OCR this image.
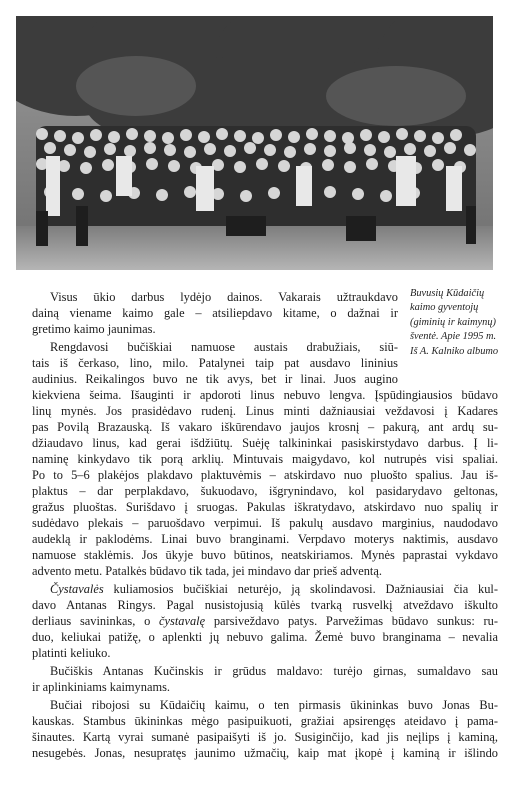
Buvusių Kūdaičių
kaimo gyventojų
(giminių ir kaimynų)
šventė. Apie 1995 m.
Iš A. Kalniko albumo
Visus ūkio darbus lydėjo dainos. Vakarais užtraukdavo
dainą viename kaimo gale – atsiliepdavo kitame, o dažnai ir
gretimo kaimo jaunimas.
Rengdavosi bučiškiai namuose austais drabužiais, siū-
tais iš čerkaso, lino, milo. Patalynei taip pat ausdavo lininius
audinius. Reikalingos buvo ne tik avys, bet ir linai. Juos augino
kiekviena šeima. Išauginti ir apdoroti linus nebuvo lengva. Įspūdingiausios būdavo
linų mynės. Jos prasidėdavo rudenį. Linus minti dažniausiai veždavosi į Kadares
pas Povilą Brazauską. Iš vakaro iškūrendavo jaujos krosnį – pakurą, ant ardų su-
džiaudavo linus, kad gerai išdžiūtų. Suėję talkininkai pasiskirstydavo darbus. Į li-
naminę kinkydavo tik porą arklių. Mintuvais maigydavo, kol nutrupės visi spaliai.
Po to 5–6 plakėjos plakdavo plaktuvėmis – atskirdavo nuo pluošto spalius. Jau iš-
plaktus – dar perplakdavo, šukuodavo, išgrynindavo, kol pasidarydavo geltonas,
gražus pluoštas. Surišdavo į sruogas. Pakulas iškratydavo, atskirdavo nuo spalių ir
sudėdavo plekais – paruošdavo verpimui. Iš pakulų ausdavo marginius, naudodavo
audeklą ir paklodėms. Linai buvo branginami. Verpdavo moterys naktimis, ausdavo
namuose staklėmis. Jos ūkyje buvo būtinos, neatskiriamos. Mynės paprastai vykdavo
advento metu. Patalkės būdavo tik tada, jei mindavo dar prieš adventą.
Čystavalės kuliamosios bučiškiai neturėjo, ją skolindavosi. Dažniausiai čia kul-
davo Antanas Ringys. Pagal nusistojusią kūlės tvarką rusvelkį atveždavo iškulto
derliaus savininkas, o čystavalę parsiveždavo patys. Parvežimas būdavo sunkus: ru-
duo, keliukai patižę, o aplenkti jų nebuvo galima. Žemė buvo branginama – nevalia
platinti keliuko.
Bučiškis Antanas Kučinskis ir grūdus maldavo: turėjo girnas, sumaldavo sau
ir aplinkiniams kaimynams.
Bučiai ribojosi su Kūdaičių kaimu, o ten pirmasis ūkininkas buvo Jonas Bu-
kauskas. Stambus ūkininkas mėgo pasipuikuoti, gražiai apsirengęs ateidavo į pama-
šinautes. Kartą vyrai sumanė pasipaišyti iš jo. Susiginčijo, kad jis neįlips į kaminą,
nesugebės. Jonas, nesupratęs jaunimo užmačių, kaip mat įkopė į kaminą ir išlindo
